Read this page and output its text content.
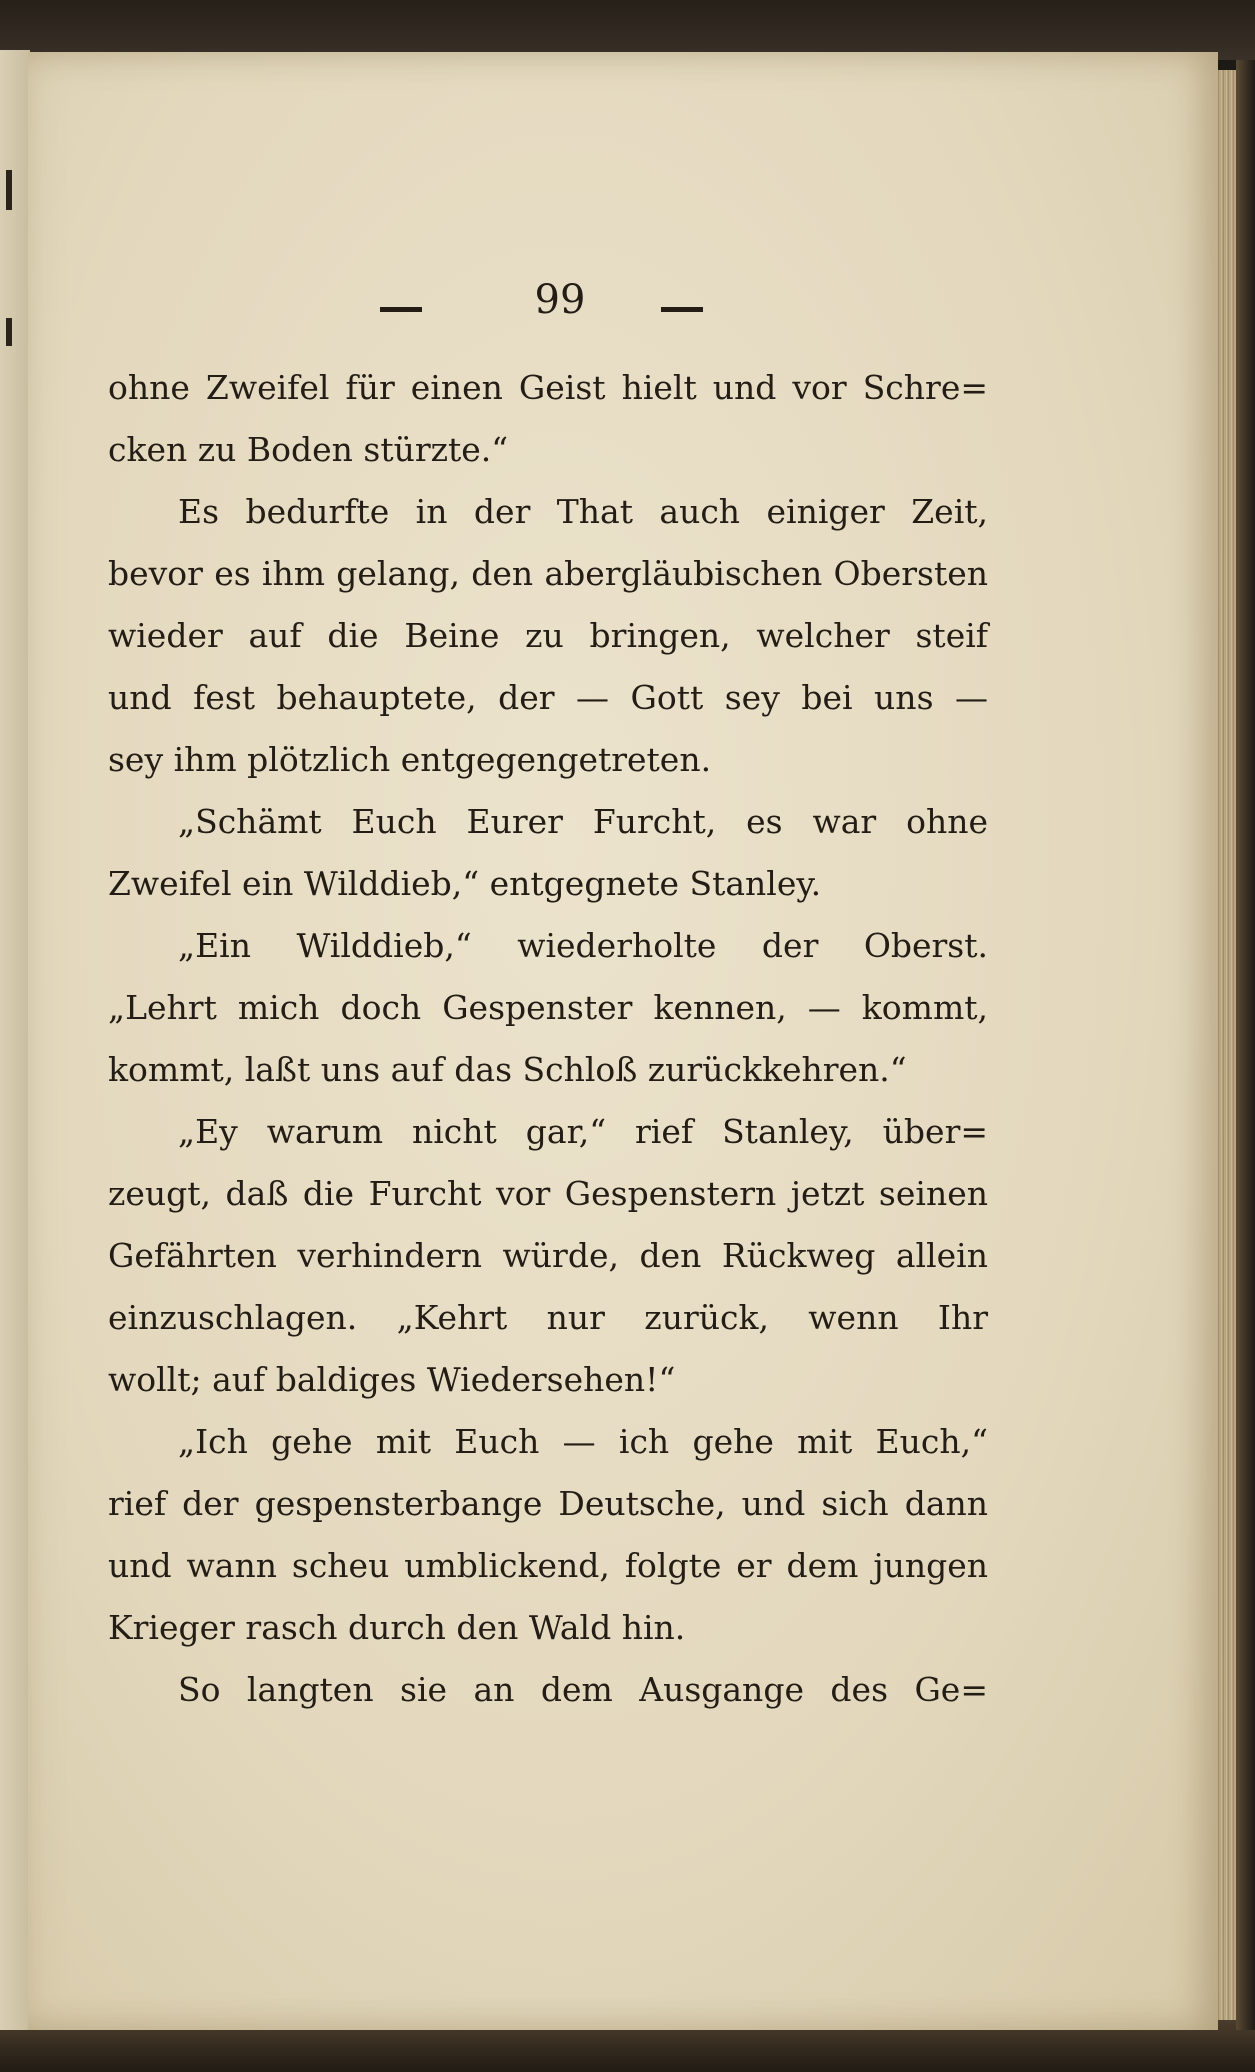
99
ohne Zweifel für einen Geist hielt und vor Schre=
cken zu Boden stürzte.“
Es bedurfte in der That auch einiger Zeit,
bevor es ihm gelang, den abergläubischen Obersten
wieder auf die Beine zu bringen, welcher steif
und fest behauptete, der — Gott sey bei uns —
sey ihm plötzlich entgegengetreten.
„Schämt Euch Eurer Furcht, es war ohne
Zweifel ein Wilddieb,“ entgegnete Stanley.
„Ein Wilddieb,“ wiederholte der Oberst.
„Lehrt mich doch Gespenster kennen, — kommt,
kommt, laßt uns auf das Schloß zurückkehren.“
„Ey warum nicht gar,“ rief Stanley, über=
zeugt, daß die Furcht vor Gespenstern jetzt seinen
Gefährten verhindern würde, den Rückweg allein
einzuschlagen. „Kehrt nur zurück, wenn Ihr
wollt; auf baldiges Wiedersehen!“
„Ich gehe mit Euch — ich gehe mit Euch,“
rief der gespensterbange Deutsche, und sich dann
und wann scheu umblickend, folgte er dem jungen
Krieger rasch durch den Wald hin.
So langten sie an dem Ausgange des Ge=
